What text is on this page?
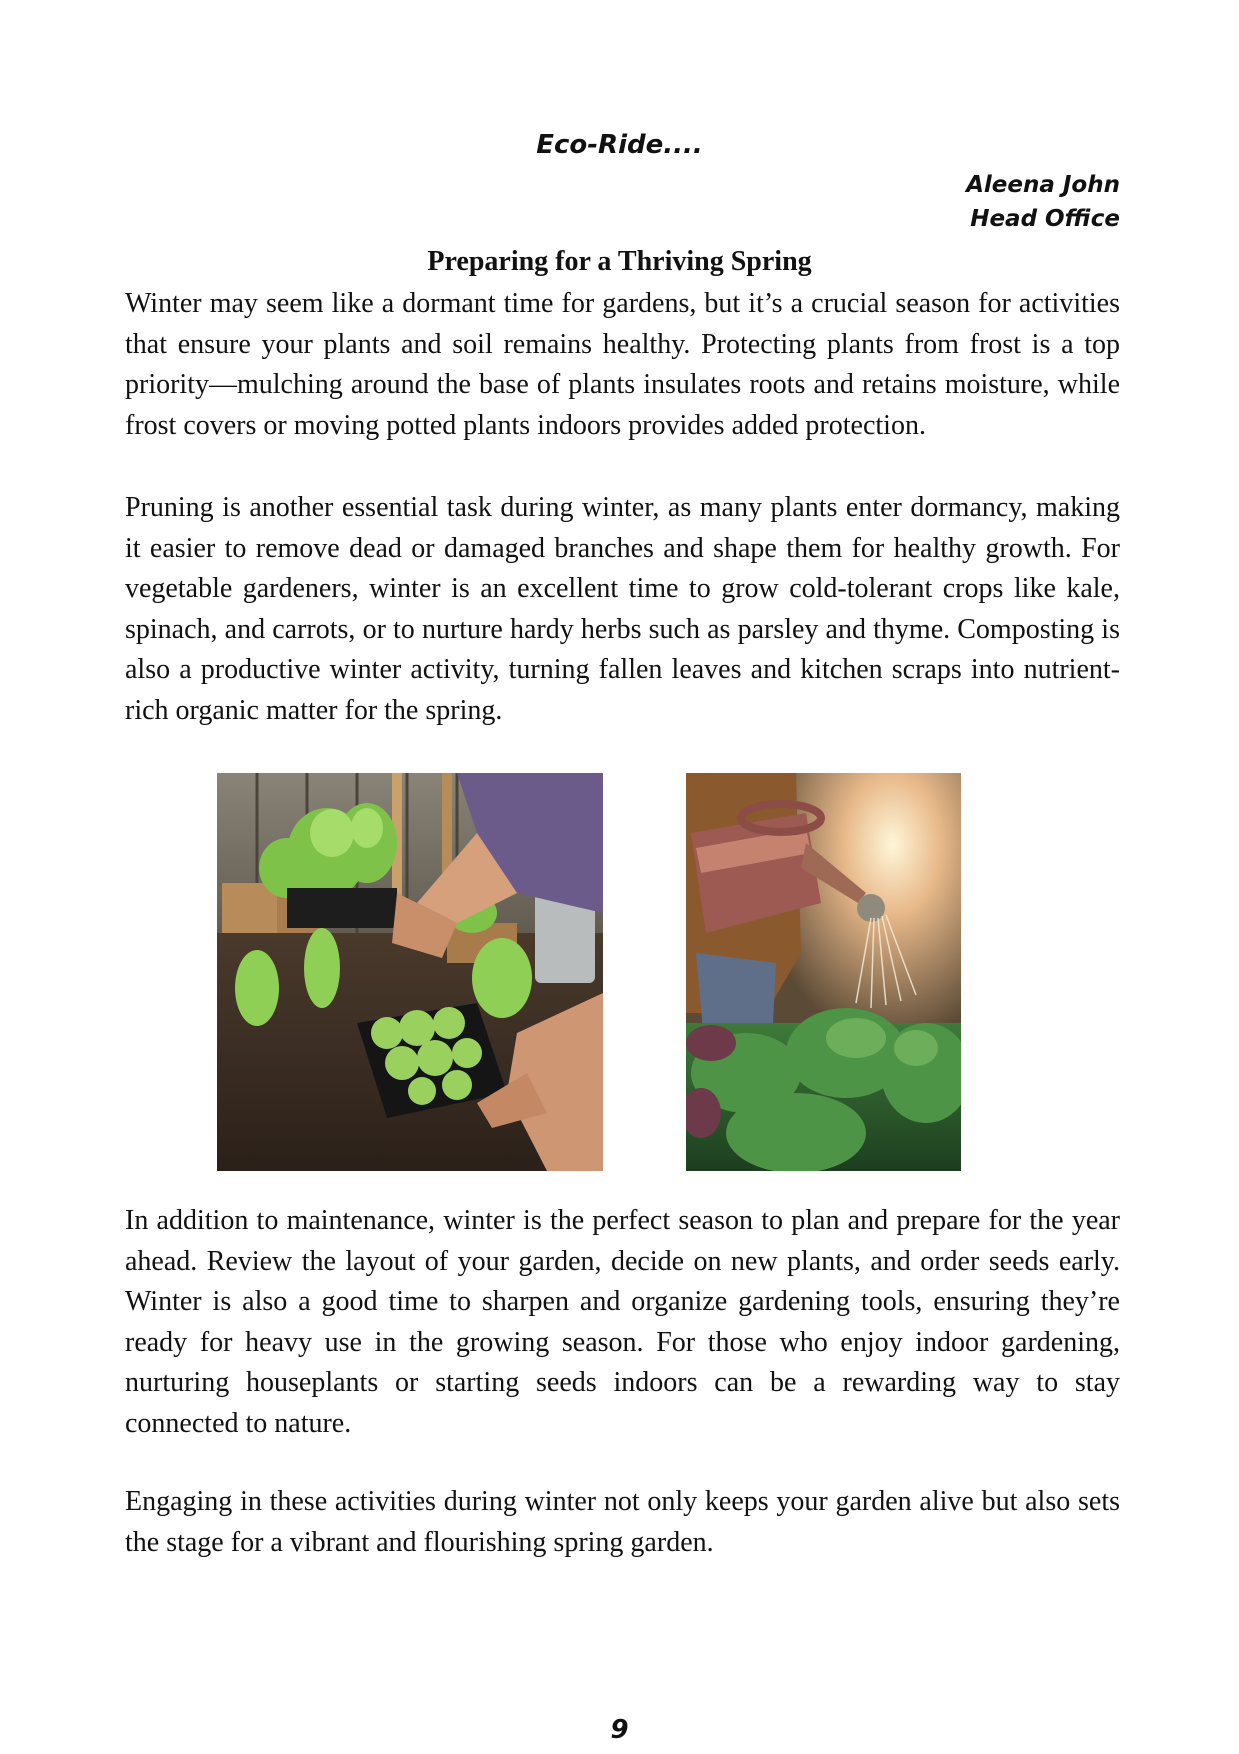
Eco-Ride....
Aleena John
Head Office
Preparing for a Thriving Spring

Winter may seem like a dormant time for gardens, but it’s a crucial season for activities that ensure your plants and soil remains healthy. Protecting plants from frost is a top priority—mulching around the base of plants insulates roots and retains moisture, while frost covers or moving potted plants indoors provides added protection.

Pruning is another essential task during winter, as many plants enter dormancy, making it easier to remove dead or damaged branches and shape them for healthy growth. For vegetable gardeners, winter is an excellent time to grow cold-tolerant crops like kale, spinach, and carrots, or to nurture hardy herbs such as parsley and thyme. Composting is also a productive winter activity, turning fallen leaves and kitchen scraps into nutrient-rich organic matter for the spring.

In addition to maintenance, winter is the perfect season to plan and prepare for the year ahead. Review the layout of your garden, decide on new plants, and order seeds early. Winter is also a good time to sharpen and organize gardening tools, ensuring they’re ready for heavy use in the growing season. For those who enjoy indoor gardening, nurturing houseplants or starting seeds indoors can be a rewarding way to stay connected to nature.

Engaging in these activities during winter not only keeps your garden alive but also sets the stage for a vibrant and flourishing spring garden.

9
